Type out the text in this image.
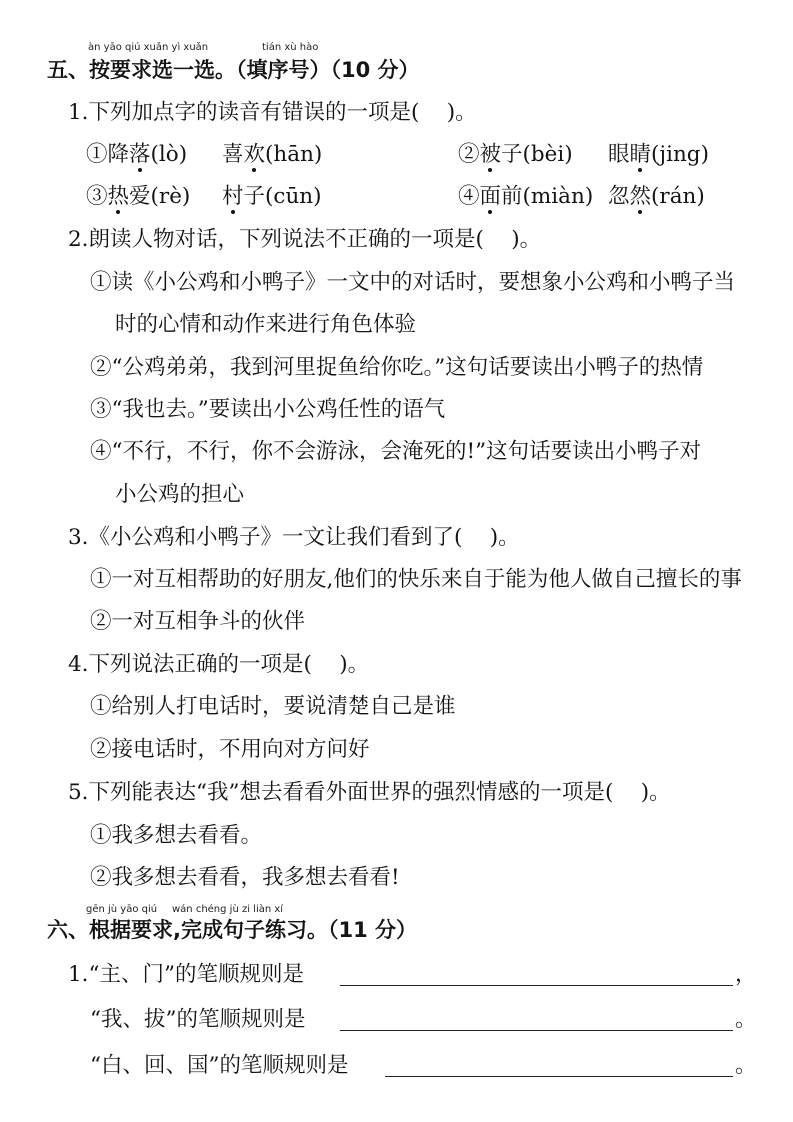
àn yāo qiú xuǎn yì xuǎn	tián xù hào
五、按要求选一选。（填序号）（10 分）
1.下列加点字的读音有错误的一项是(    )。
①降落(lò) 喜欢(hān)	②被子(bèi) 眼睛(jing)
③热爱(rè) 村子(cūn)	④面前(miàn) 忽然(rán)
2.朗读人物对话，下列说法不正确的一项是(    )。
①读《小公鸡和小鸭子》一文中的对话时，要想象小公鸡和小鸭子当
时的心情和动作来进行角色体验
②“公鸡弟弟，我到河里捉鱼给你吃。”这句话要读出小鸭子的热情
③“我也去。”要读出小公鸡任性的语气
④“不行，不行，你不会游泳，会淹死的!”这句话要读出小鸭子对
小公鸡的担心
3.《小公鸡和小鸭子》一文让我们看到了(    )。
①一对互相帮助的好朋友,他们的快乐来自于能为他人做自己擅长的事
②一对互相争斗的伙伴
4.下列说法正确的一项是(    )。
①给别人打电话时，要说清楚自己是谁
②接电话时，不用向对方问好
5.下列能表达“我”想去看看外面世界的强烈情感的一项是(    )。
①我多想去看看。
②我多想去看看，我多想去看看!
gēn jù yāo qiú wán chéng jù zi liàn xí
六、根据要求,完成句子练习。（11 分）
1.“主、门”的笔顺规则是	，
“我、拔”的笔顺规则是	。
“白、回、国”的笔顺规则是	。
